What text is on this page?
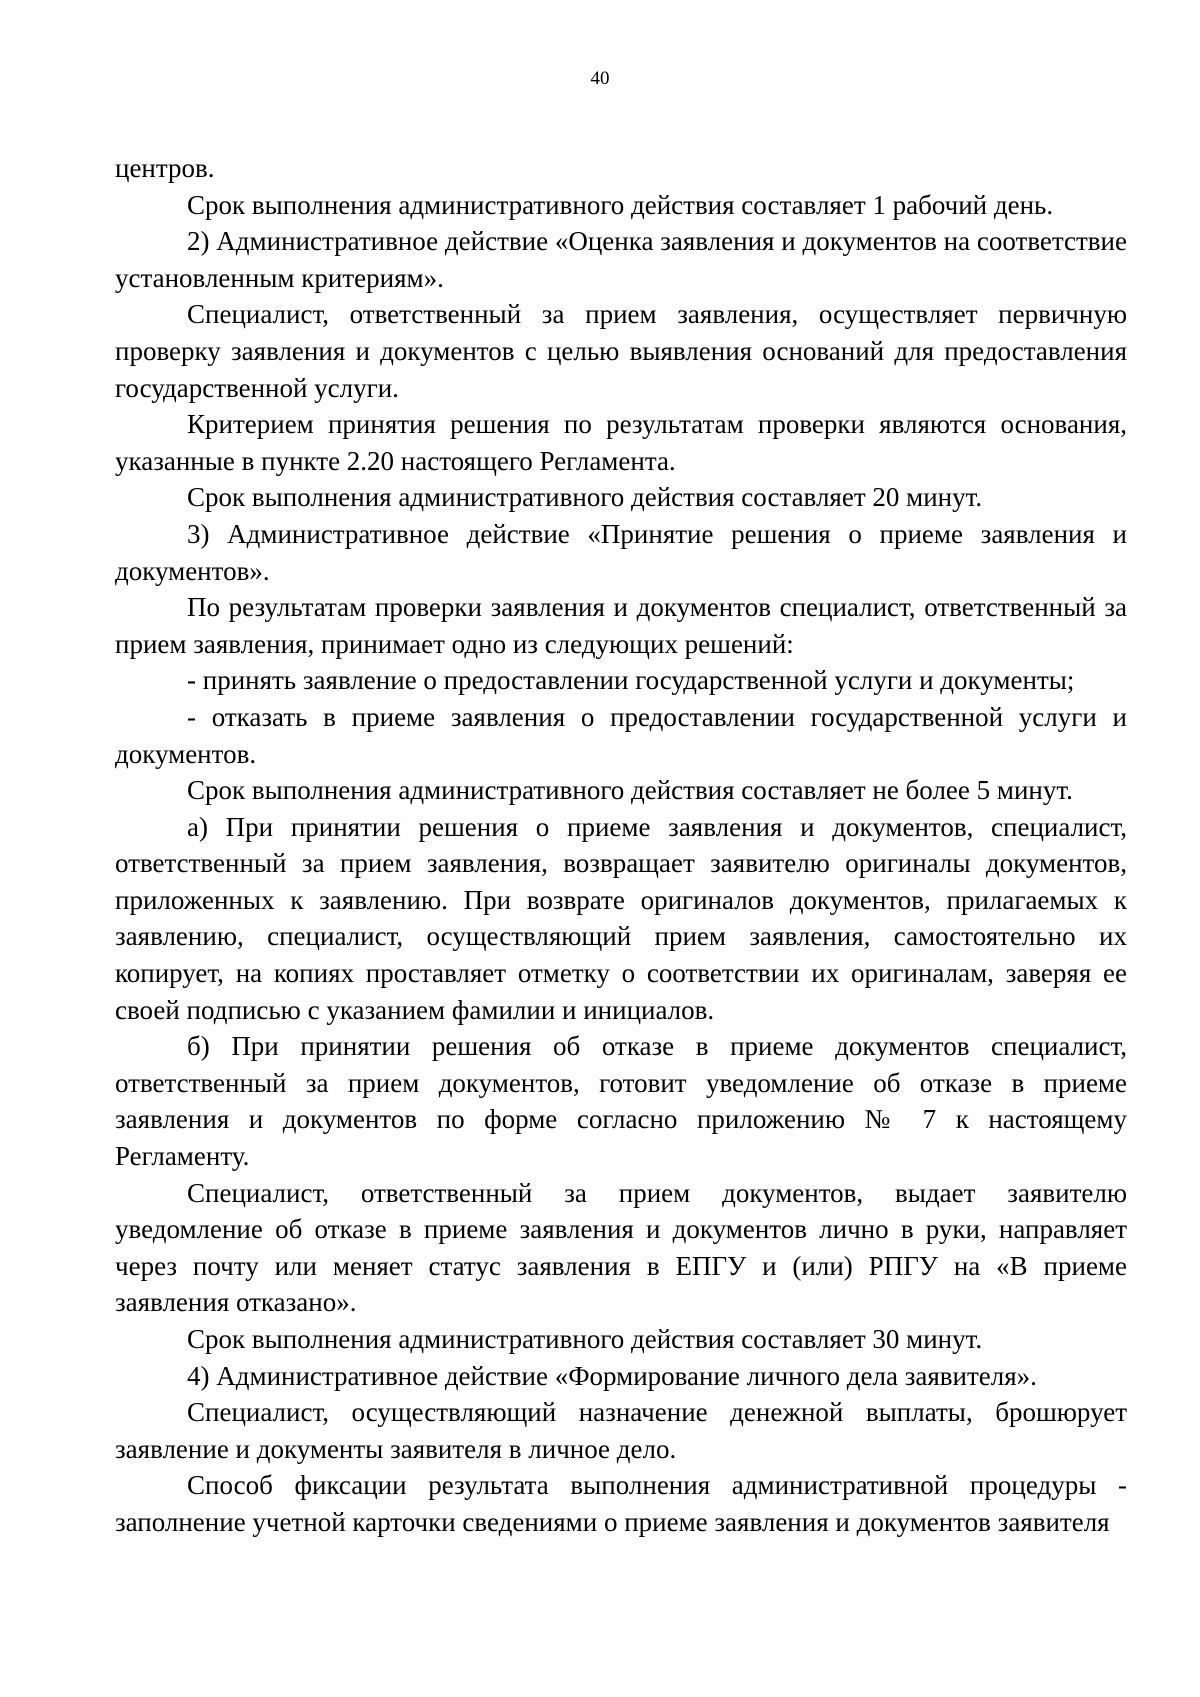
40

центров.

Срок выполнения административного действия составляет 1 рабочий день.

2) Административное действие «Оценка заявления и документов на соответствие установленным критериям».

Специалист, ответственный за прием заявления, осуществляет первичную проверку заявления и документов с целью выявления оснований для предоставления государственной услуги.

Критерием принятия решения по результатам проверки являются основания, указанные в пункте 2.20 настоящего Регламента.

Срок выполнения административного действия составляет 20 минут.

3) Административное действие «Принятие решения о приеме заявления и документов».

По результатам проверки заявления и документов специалист, ответственный за прием заявления, принимает одно из следующих решений:

- принять заявление о предоставлении государственной услуги и документы;

- отказать в приеме заявления о предоставлении государственной услуги и документов.

Срок выполнения административного действия составляет не более 5 минут.

а) При принятии решения о приеме заявления и документов, специалист, ответственный за прием заявления, возвращает заявителю оригиналы документов, приложенных к заявлению. При возврате оригиналов документов, прилагаемых к заявлению, специалист, осуществляющий прием заявления, самостоятельно их копирует, на копиях проставляет отметку о соответствии их оригиналам, заверяя ее своей подписью с указанием фамилии и инициалов.

б) При принятии решения об отказе в приеме документов специалист, ответственный за прием документов, готовит уведомление об отказе в приеме заявления и документов по форме согласно приложению № 7 к настоящему Регламенту.

Специалист, ответственный за прием документов, выдает заявителю уведомление об отказе в приеме заявления и документов лично в руки, направляет через почту или меняет статус заявления в ЕПГУ и (или) РПГУ на «В приеме заявления отказано».

Срок выполнения административного действия составляет 30 минут.

4) Административное действие «Формирование личного дела заявителя».

Специалист, осуществляющий назначение денежной выплаты, брошюрует заявление и документы заявителя в личное дело.

Способ фиксации результата выполнения административной процедуры - заполнение учетной карточки сведениями о приеме заявления и документов заявителя
